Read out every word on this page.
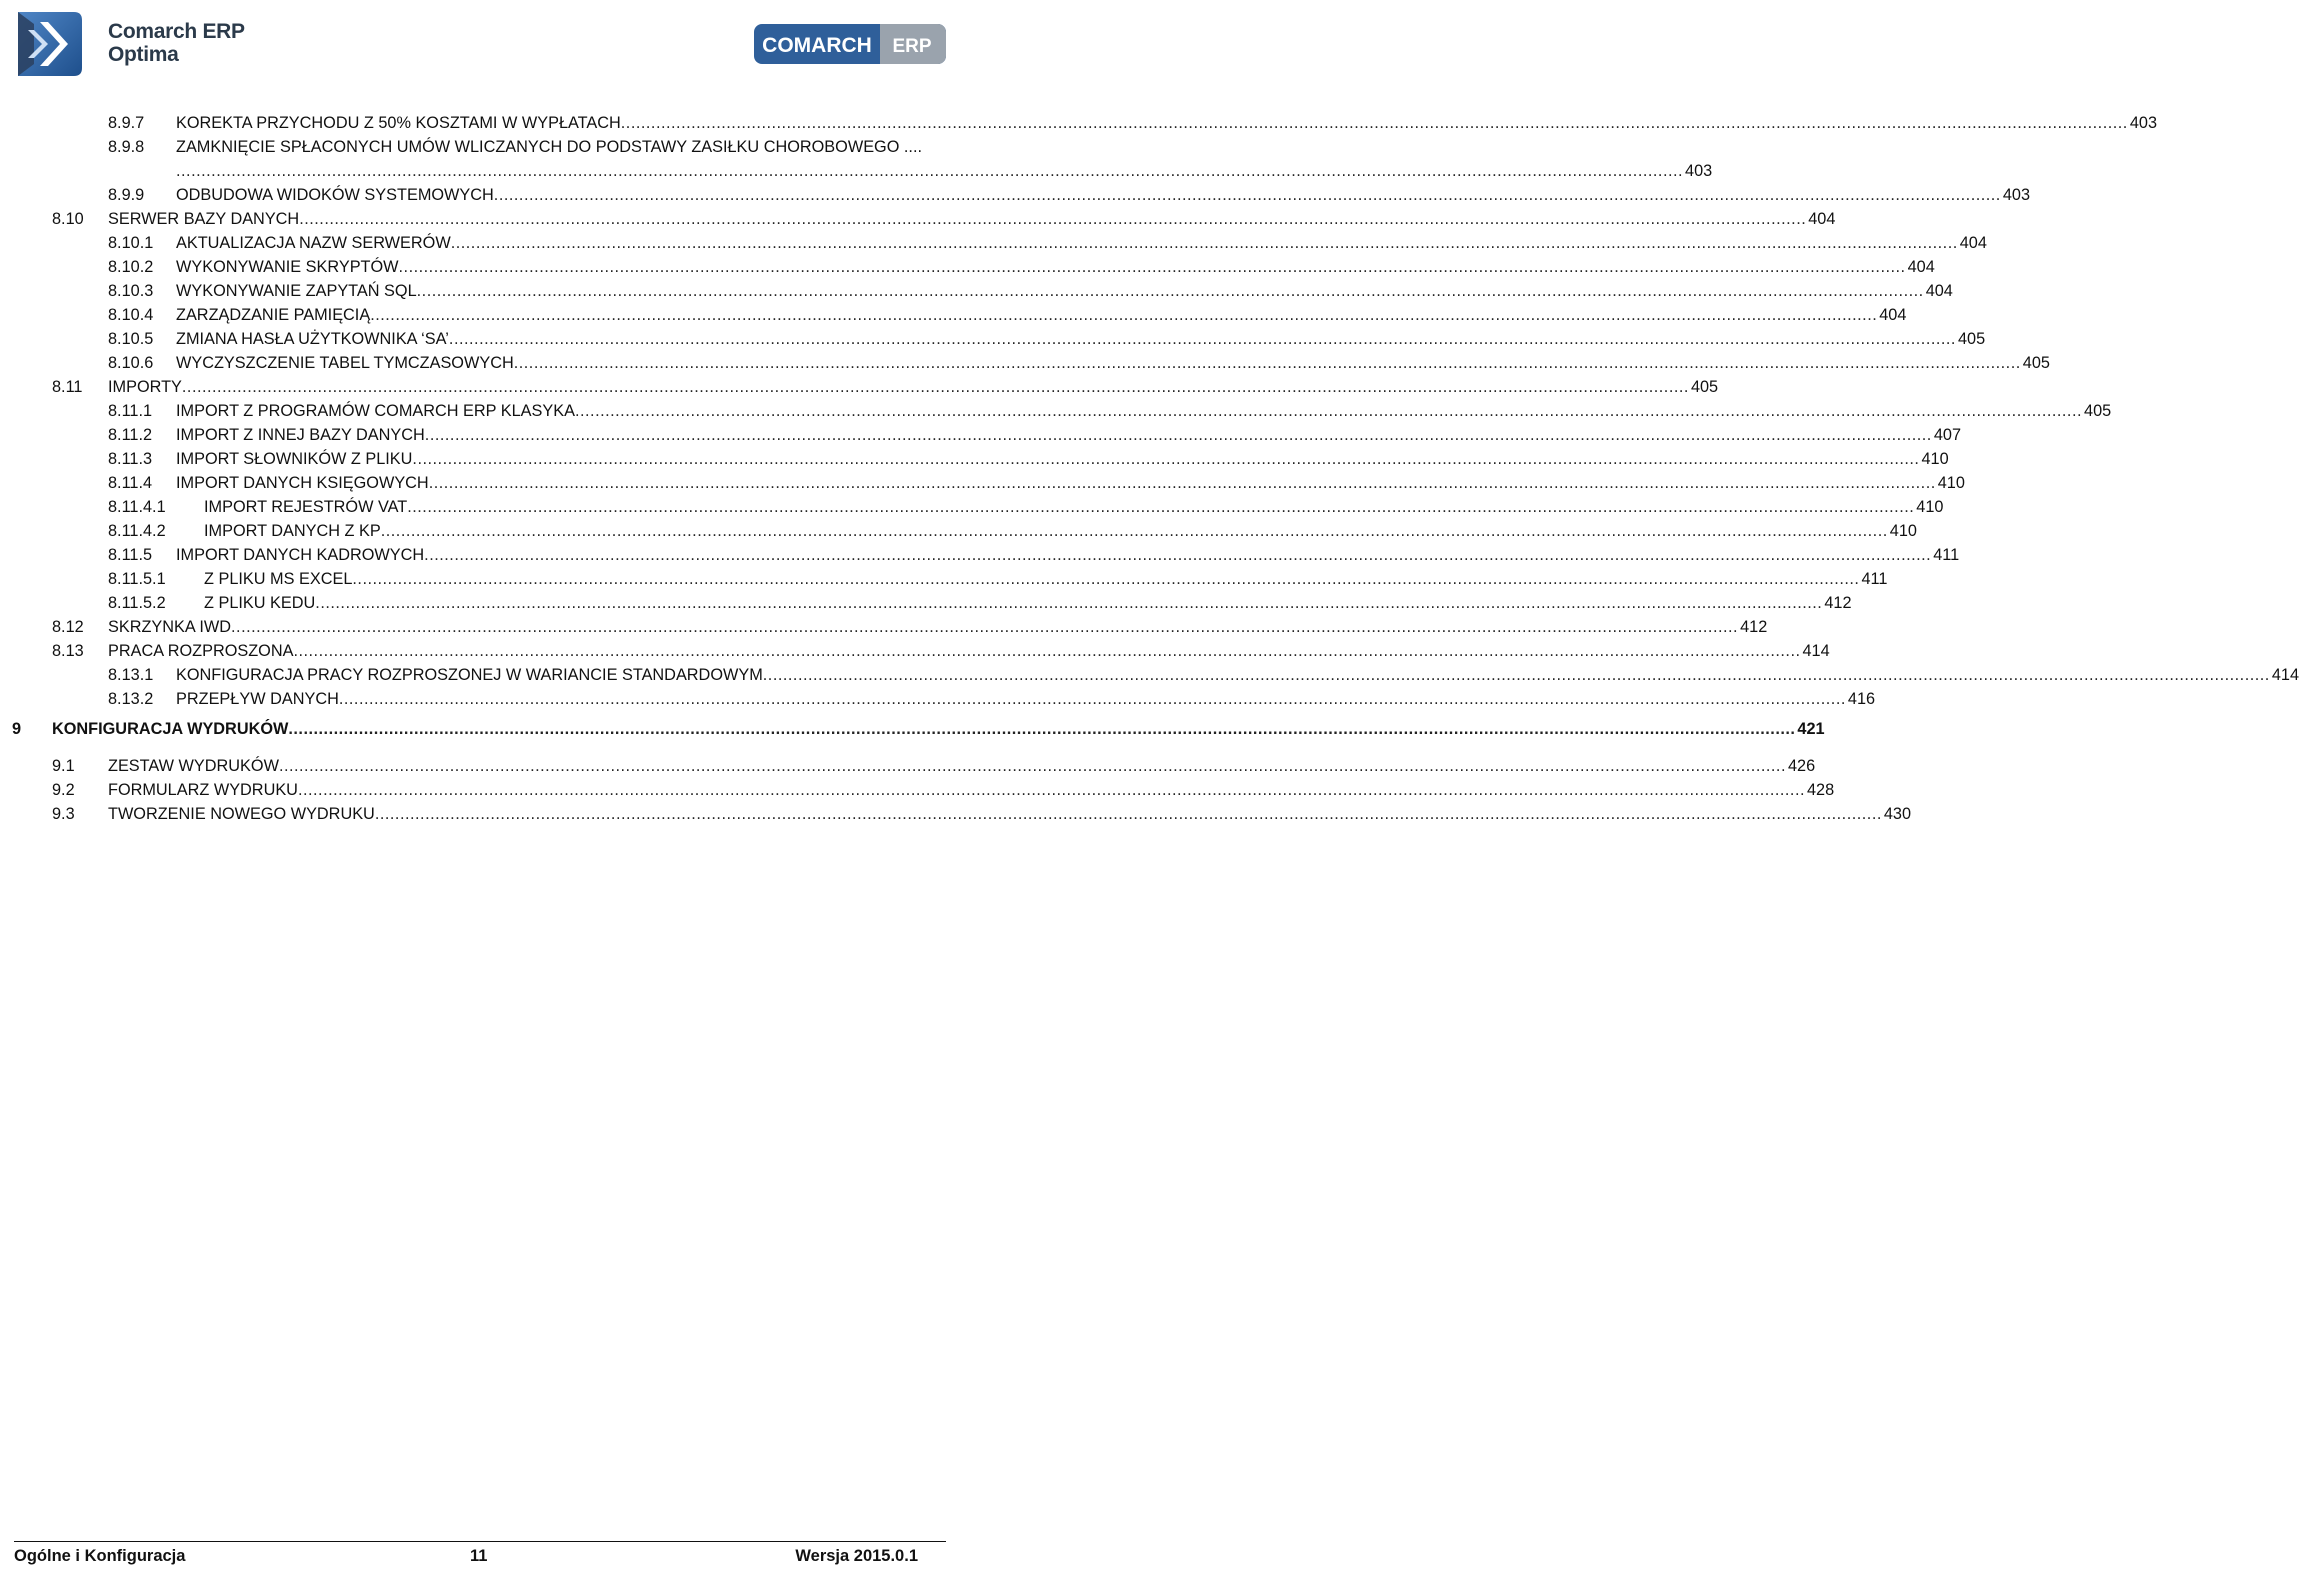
Comarch ERP
Optima	COMARCH ERP
8.9.7 KOREKTA PRZYCHODU Z 50% KOSZTAMI W WYPŁATACH ............................................................................................................................................................................................................................................................................................................ 403
8.9.8 ZAMKNIĘCIE SPŁACONYCH UMÓW WLICZANYCH DO PODSTAWY ZASIŁKU CHOROBOWEGO ....
............................................................................................................................................................................................................................................................................................................ 403
8.9.9 ODBUDOWA WIDOKÓW SYSTEMOWYCH ............................................................................................................................................................................................................................................................................................................ 403
8.10 SERWER BAZY DANYCH ............................................................................................................................................................................................................................................................................................................ 404
8.10.1 AKTUALIZACJA NAZW SERWERÓW ............................................................................................................................................................................................................................................................................................................ 404
8.10.2 WYKONYWANIE SKRYPTÓW ............................................................................................................................................................................................................................................................................................................ 404
8.10.3 WYKONYWANIE ZAPYTAŃ SQL ............................................................................................................................................................................................................................................................................................................ 404
8.10.4 ZARZĄDZANIE PAMIĘCIĄ ............................................................................................................................................................................................................................................................................................................ 404
8.10.5 ZMIANA HASŁA UŻYTKOWNIKA ‘SA’ ............................................................................................................................................................................................................................................................................................................ 405
8.10.6 WYCZYSZCZENIE TABEL TYMCZASOWYCH ............................................................................................................................................................................................................................................................................................................ 405
8.11 IMPORTY ............................................................................................................................................................................................................................................................................................................ 405
8.11.1 IMPORT Z PROGRAMÓW COMARCH ERP KLASYKA ............................................................................................................................................................................................................................................................................................................ 405
8.11.2 IMPORT Z INNEJ BAZY DANYCH ............................................................................................................................................................................................................................................................................................................ 407
8.11.3 IMPORT SŁOWNIKÓW Z PLIKU ............................................................................................................................................................................................................................................................................................................ 410
8.11.4 IMPORT DANYCH KSIĘGOWYCH ............................................................................................................................................................................................................................................................................................................ 410
8.11.4.1 IMPORT REJESTRÓW VAT ............................................................................................................................................................................................................................................................................................................ 410
8.11.4.2 IMPORT DANYCH Z KP ............................................................................................................................................................................................................................................................................................................ 410
8.11.5 IMPORT DANYCH KADROWYCH ............................................................................................................................................................................................................................................................................................................ 411
8.11.5.1 Z PLIKU MS EXCEL ............................................................................................................................................................................................................................................................................................................ 411
8.11.5.2 Z PLIKU KEDU ............................................................................................................................................................................................................................................................................................................ 412
8.12 SKRZYNKA IWD ............................................................................................................................................................................................................................................................................................................ 412
8.13 PRACA ROZPROSZONA ............................................................................................................................................................................................................................................................................................................ 414
8.13.1 KONFIGURACJA PRACY ROZPROSZONEJ W WARIANCIE STANDARDOWYM ............................................................................................................................................................................................................................................................................................................ 414
8.13.2 PRZEPŁYW DANYCH ............................................................................................................................................................................................................................................................................................................ 416
9 KONFIGURACJA WYDRUKÓW ............................................................................................................................................................................................................................................................................................................ 421
9.1 ZESTAW WYDRUKÓW ............................................................................................................................................................................................................................................................................................................ 426
9.2 FORMULARZ WYDRUKU ............................................................................................................................................................................................................................................................................................................ 428
9.3 TWORZENIE NOWEGO WYDRUKU ............................................................................................................................................................................................................................................................................................................ 430
Ogólne i Konfiguracja	11	Wersja 2015.0.1
